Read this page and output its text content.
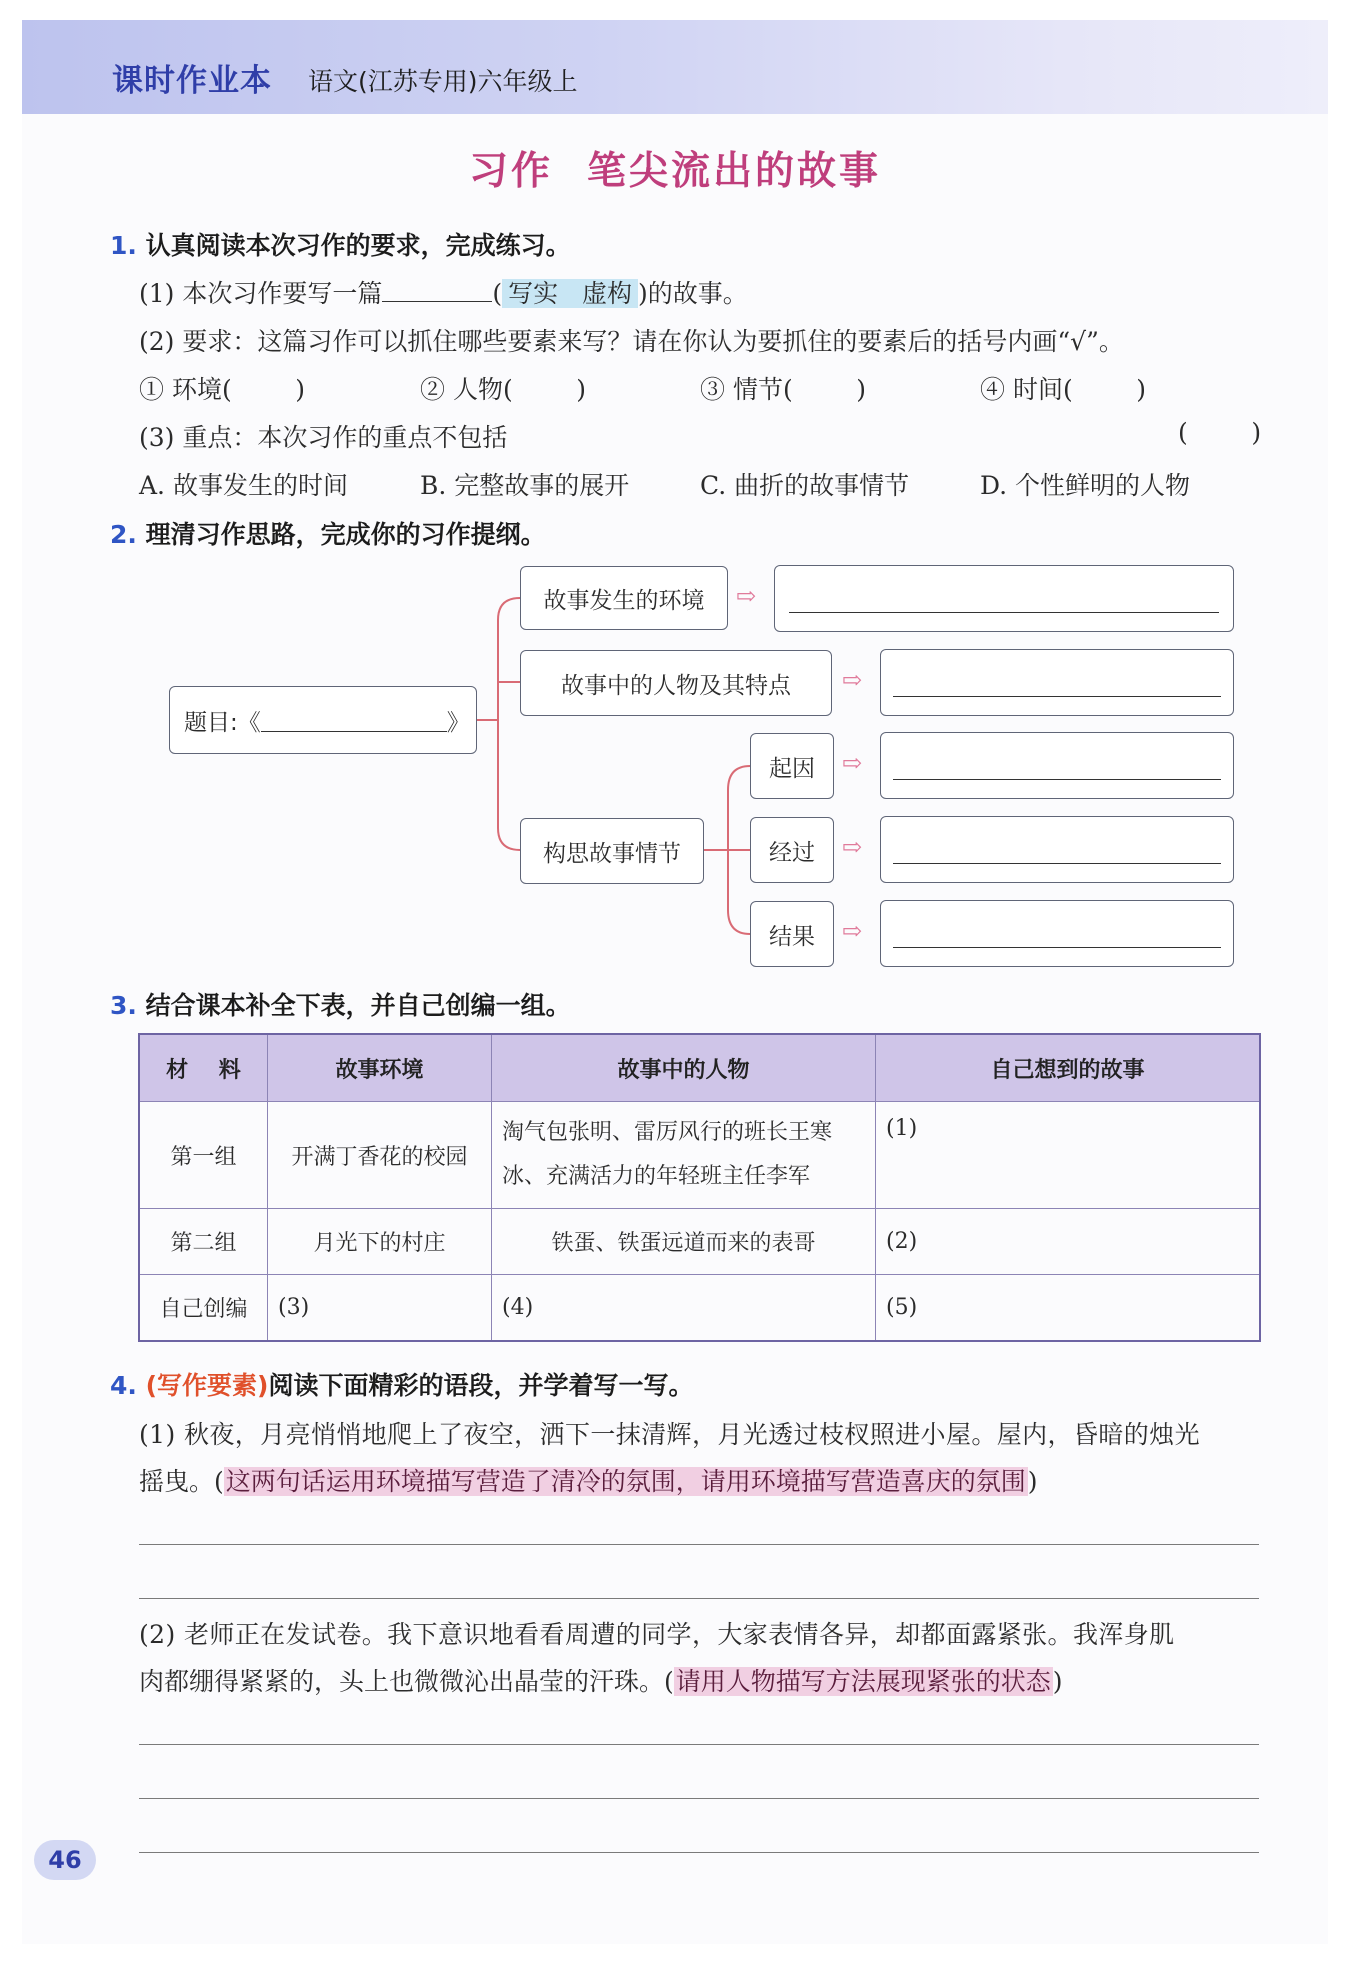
课时作业本 语文(江苏专用)六年级上
习作 笔尖流出的故事
1. 认真阅读本次习作的要求，完成练习。
(1) 本次习作要写一篇	( 写实   虚构 )的故事。
(2) 要求：这篇习作可以抓住哪些要素来写？请在你认为要抓住的要素后的括号内画“√”。
① 环境(        )	② 人物(        )	③ 情节(        )	④ 时间(        )
(3) 重点：本次习作的重点不包括	(        )
A. 故事发生的时间	B. 完整故事的展开	C. 曲折的故事情节	D. 个性鲜明的人物
2. 理清习作思路，完成你的习作提纲。
题目:《	》
故事发生的环境
故事中的人物及其特点
构思故事情节
起因
经过
结果
⇨
⇨
⇨
⇨
⇨
3. 结合课本补全下表，并自己创编一组。
材    料	故事环境	故事中的人物	自己想到的故事
第一组	开满丁香花的校园	淘气包张明、雷厉风行的班长王寒冰、充满活力的年轻班主任李军	(1)
第二组	月光下的村庄	铁蛋、铁蛋远道而来的表哥	(2)
自己创编	(3)	(4)	(5)
4. (写作要素)阅读下面精彩的语段，并学着写一写。
(1) 秋夜，月亮悄悄地爬上了夜空，洒下一抹清辉，月光透过枝杈照进小屋。屋内，昏暗的烛光
摇曳。(这两句话运用环境描写营造了清冷的氛围，请用环境描写营造喜庆的氛围)
(2) 老师正在发试卷。我下意识地看看周遭的同学，大家表情各异，却都面露紧张。我浑身肌
肉都绷得紧紧的，头上也微微沁出晶莹的汗珠。(请用人物描写方法展现紧张的状态)
46
